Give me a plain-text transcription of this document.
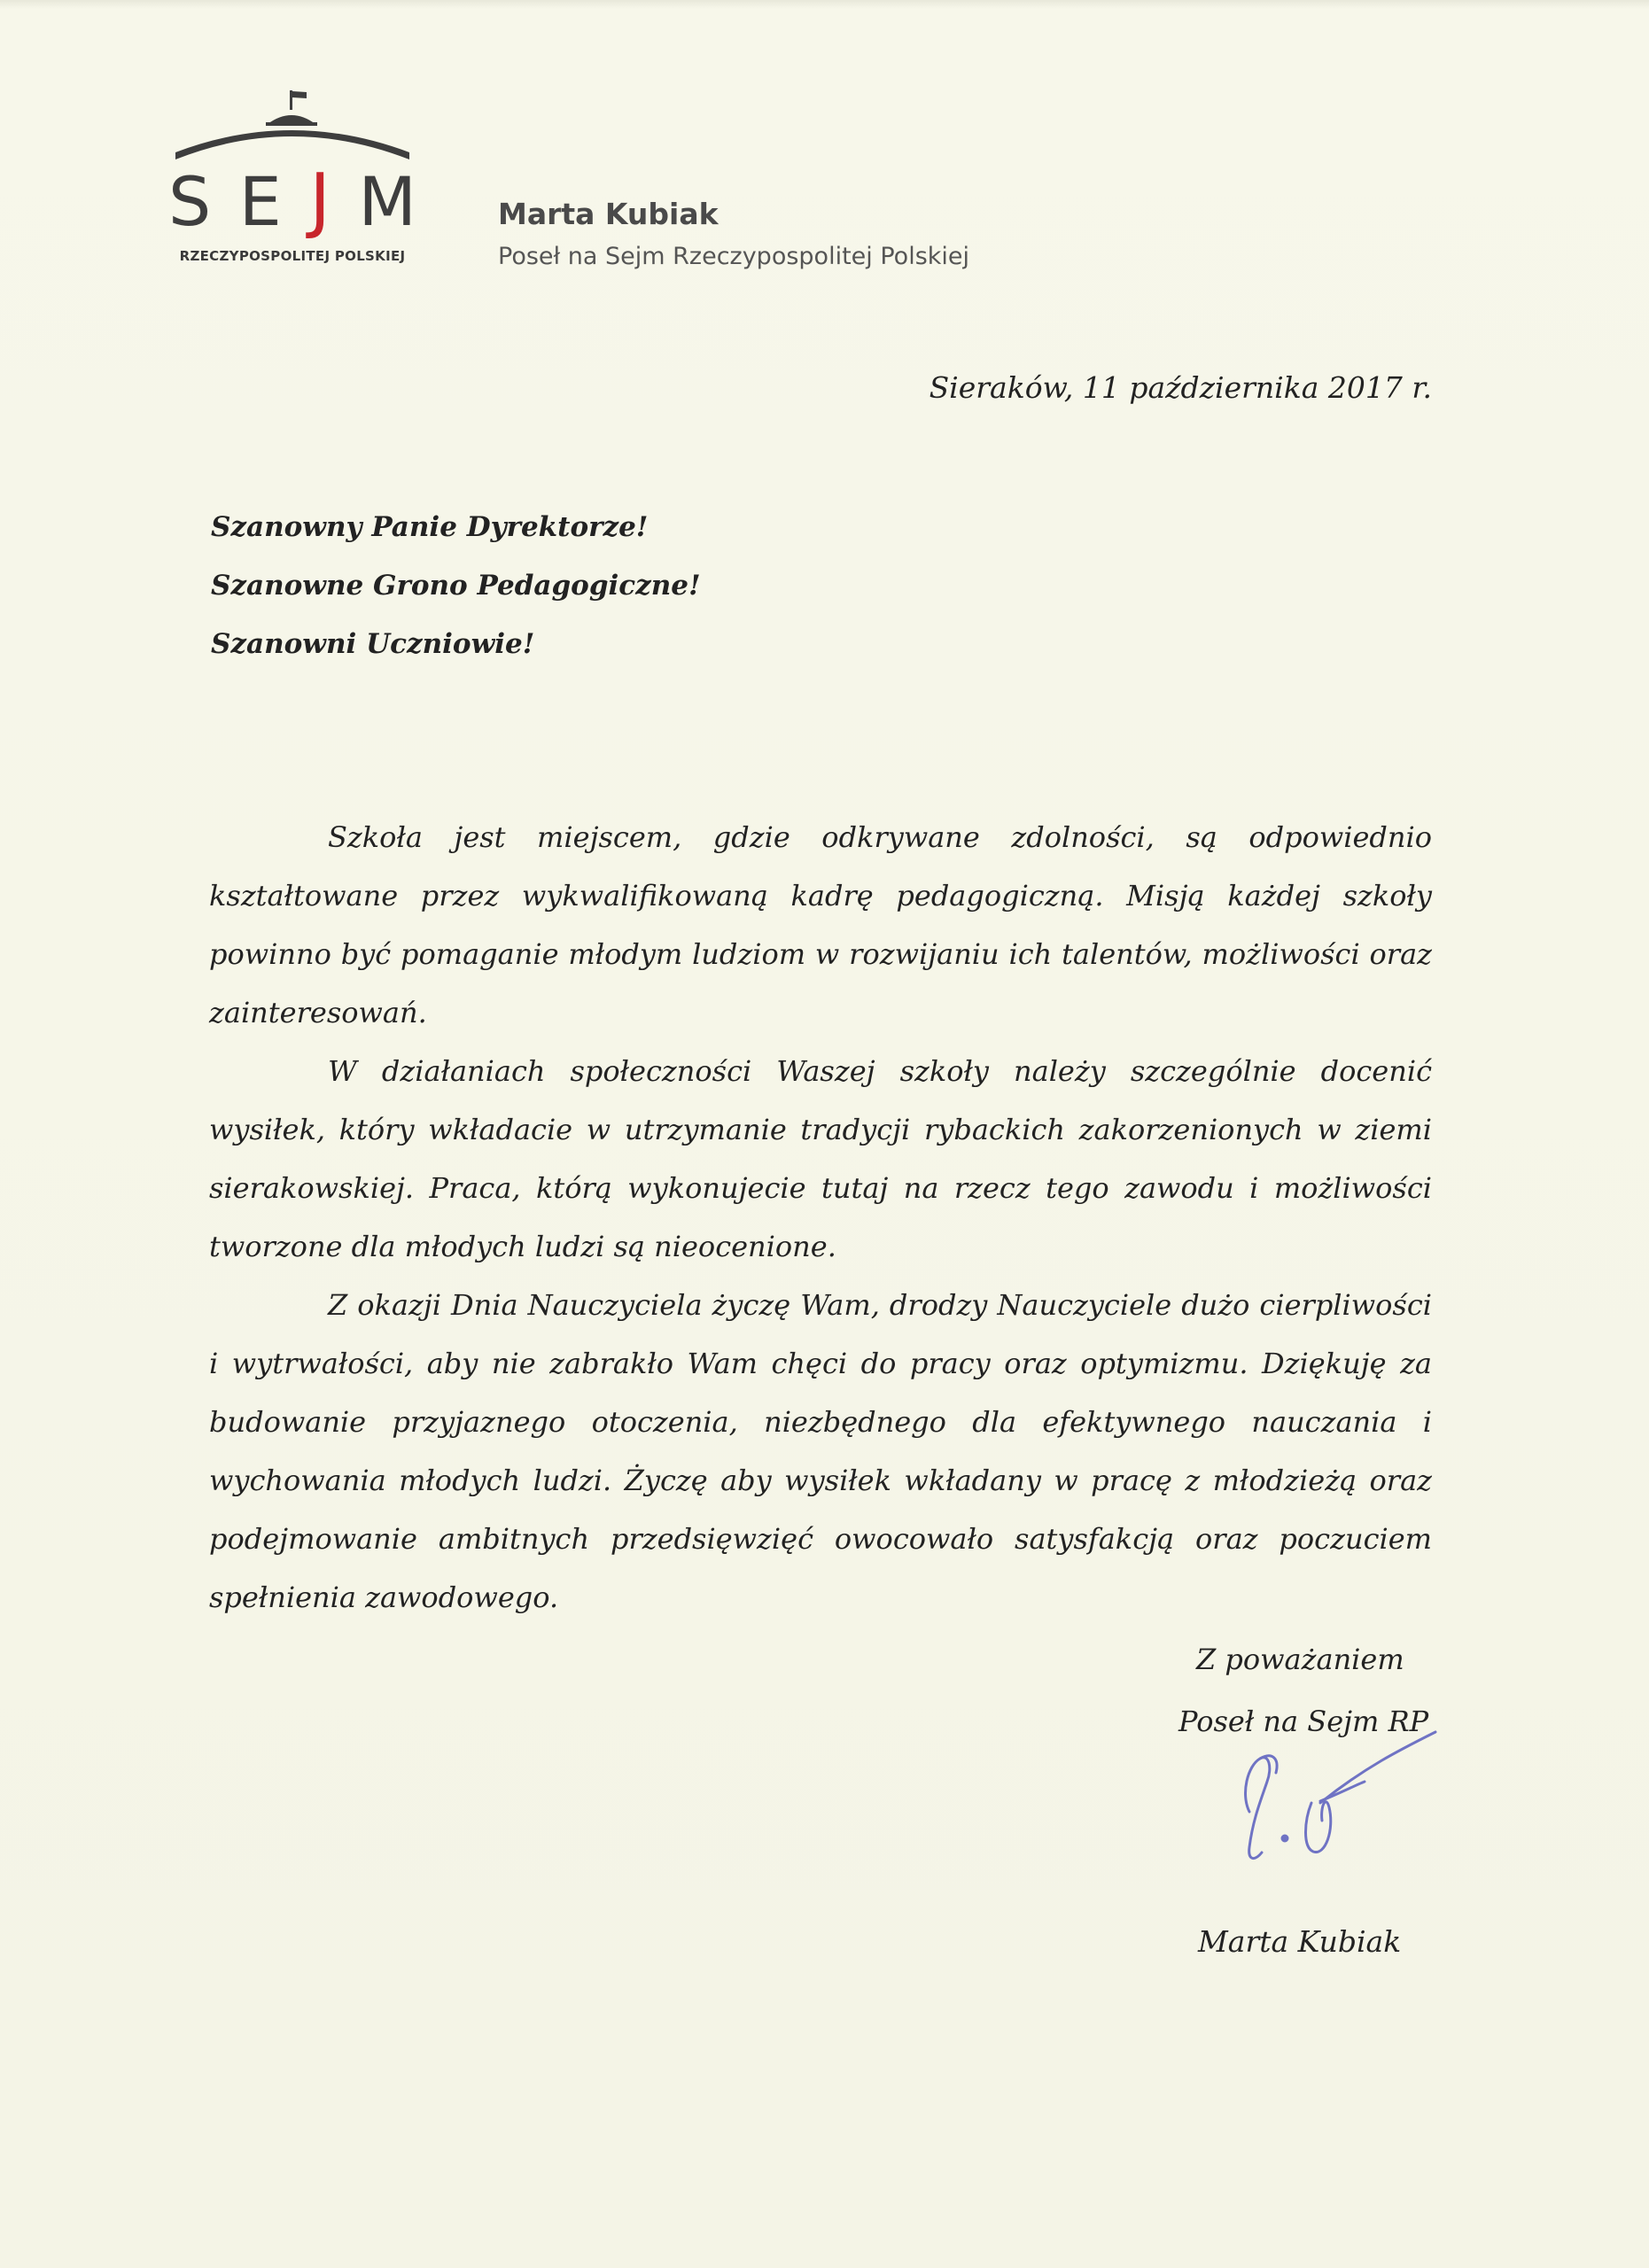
S E J M
RZECZYPOSPOLITEJ POLSKIEJ
Marta Kubiak
Poseł na Sejm Rzeczypospolitej Polskiej
Sieraków, 11 października 2017 r.
Szanowny Panie Dyrektorze!
Szanowne Grono Pedagogiczne!
Szanowni Uczniowie!

Szkoła jest miejscem, gdzie odkrywane zdolności, są odpowiednio kształtowane przez wykwalifikowaną kadrę pedagogiczną. Misją każdej szkoły powinno być pomaganie młodym ludziom w rozwijaniu ich talentów, możliwości oraz zainteresowań.

W działaniach społeczności Waszej szkoły należy szczególnie docenić wysiłek, który wkładacie w utrzymanie tradycji rybackich zakorzenionych w ziemi sierakowskiej. Praca, którą wykonujecie tutaj na rzecz tego zawodu i możliwości tworzone dla młodych ludzi są nieocenione.

Z okazji Dnia Nauczyciela życzę Wam, drodzy Nauczyciele dużo cierpliwości i wytrwałości, aby nie zabrakło Wam chęci do pracy oraz optymizmu. Dziękuję za budowanie przyjaznego otoczenia, niezbędnego dla efektywnego nauczania i wychowania młodych ludzi. Życzę aby wysiłek wkładany w pracę z młodzieżą oraz podejmowanie ambitnych przedsięwzięć owocowało satysfakcją oraz poczuciem spełnienia zawodowego.

Z poważaniem
Poseł na Sejm RP
Marta Kubiak
